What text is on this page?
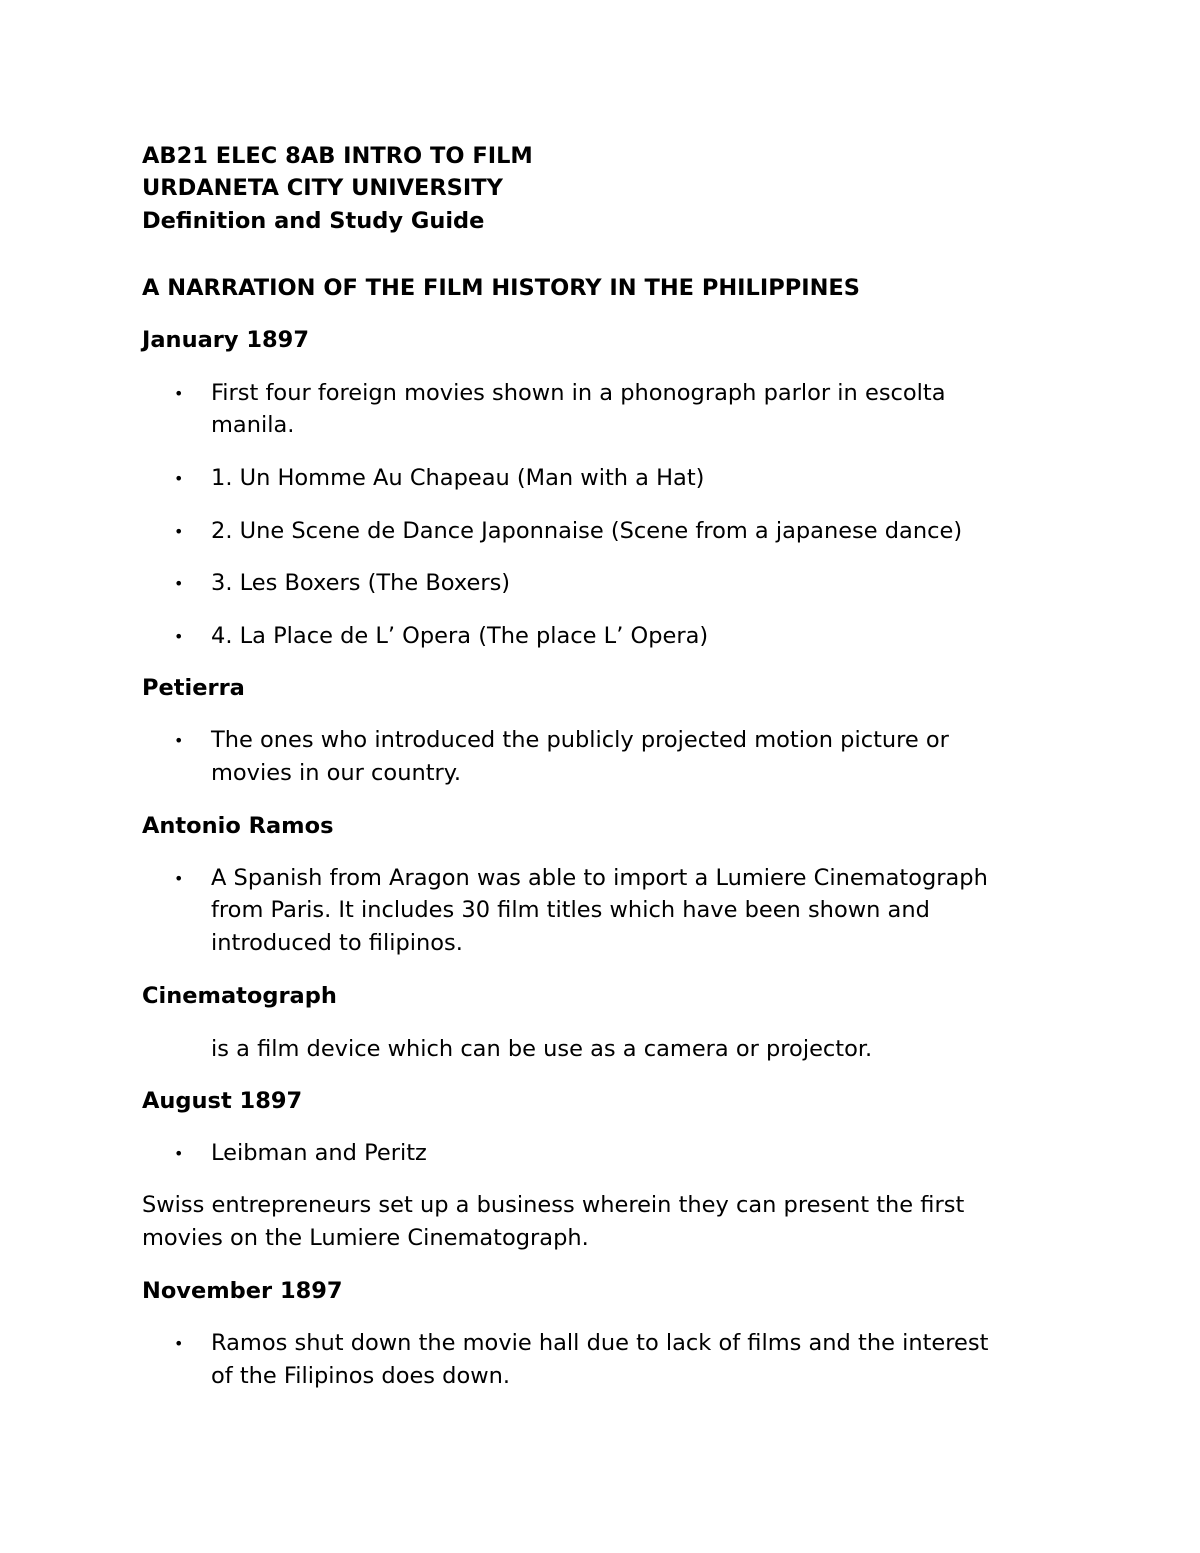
AB21 ELEC 8AB INTRO TO FILM
URDANETA CITY UNIVERSITY
Definition and Study Guide
A NARRATION OF THE FILM HISTORY IN THE PHILIPPINES
January 1897
• First four foreign movies shown in a phonograph parlor in escolta
manila.
• 1. Un Homme Au Chapeau (Man with a Hat)
• 2. Une Scene de Dance Japonnaise (Scene from a japanese dance)
• 3. Les Boxers (The Boxers)
• 4. La Place de L’ Opera (The place L’ Opera)
Petierra
• The ones who introduced the publicly projected motion picture or
movies in our country.
Antonio Ramos
• A Spanish from Aragon was able to import a Lumiere Cinematograph
from Paris. It includes 30 film titles which have been shown and
introduced to filipinos.
Cinematograph
is a film device which can be use as a camera or projector.
August 1897
• Leibman and Peritz
Swiss entrepreneurs set up a business wherein they can present the first
movies on the Lumiere Cinematograph.
November 1897
• Ramos shut down the movie hall due to lack of films and the interest
of the Filipinos does down.
